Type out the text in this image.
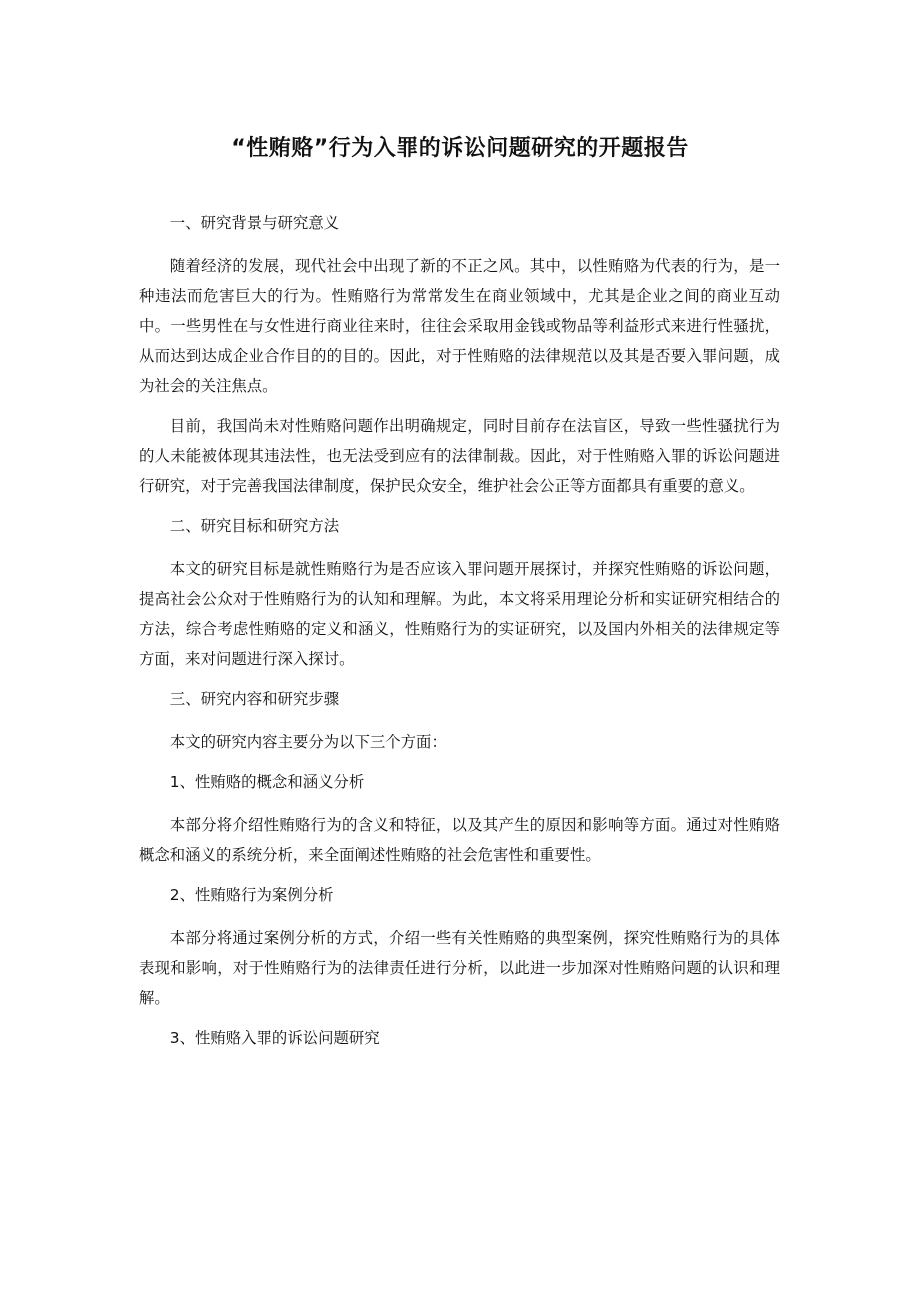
“性贿赂”行为入罪的诉讼问题研究的开题报告

一、研究背景与研究意义

随着经济的发展，现代社会中出现了新的不正之风。其中，以性贿赂为代表的行为，是一种违法而危害巨大的行为。性贿赂行为常常发生在商业领域中，尤其是企业之间的商业互动中。一些男性在与女性进行商业往来时，往往会采取用金钱或物品等利益形式来进行性骚扰，从而达到达成企业合作目的的目的。因此，对于性贿赂的法律规范以及其是否要入罪问题，成为社会的关注焦点。

目前，我国尚未对性贿赂问题作出明确规定，同时目前存在法盲区，导致一些性骚扰行为的人未能被体现其违法性，也无法受到应有的法律制裁。因此，对于性贿赂入罪的诉讼问题进行研究，对于完善我国法律制度，保护民众安全，维护社会公正等方面都具有重要的意义。

二、研究目标和研究方法

本文的研究目标是就性贿赂行为是否应该入罪问题开展探讨，并探究性贿赂的诉讼问题，提高社会公众对于性贿赂行为的认知和理解。为此，本文将采用理论分析和实证研究相结合的方法，综合考虑性贿赂的定义和涵义，性贿赂行为的实证研究，以及国内外相关的法律规定等方面，来对问题进行深入探讨。

三、研究内容和研究步骤

本文的研究内容主要分为以下三个方面：

1、性贿赂的概念和涵义分析

本部分将介绍性贿赂行为的含义和特征，以及其产生的原因和影响等方面。通过对性贿赂概念和涵义的系统分析，来全面阐述性贿赂的社会危害性和重要性。

2、性贿赂行为案例分析

本部分将通过案例分析的方式，介绍一些有关性贿赂的典型案例，探究性贿赂行为的具体表现和影响，对于性贿赂行为的法律责任进行分析，以此进一步加深对性贿赂问题的认识和理解。

3、性贿赂入罪的诉讼问题研究
